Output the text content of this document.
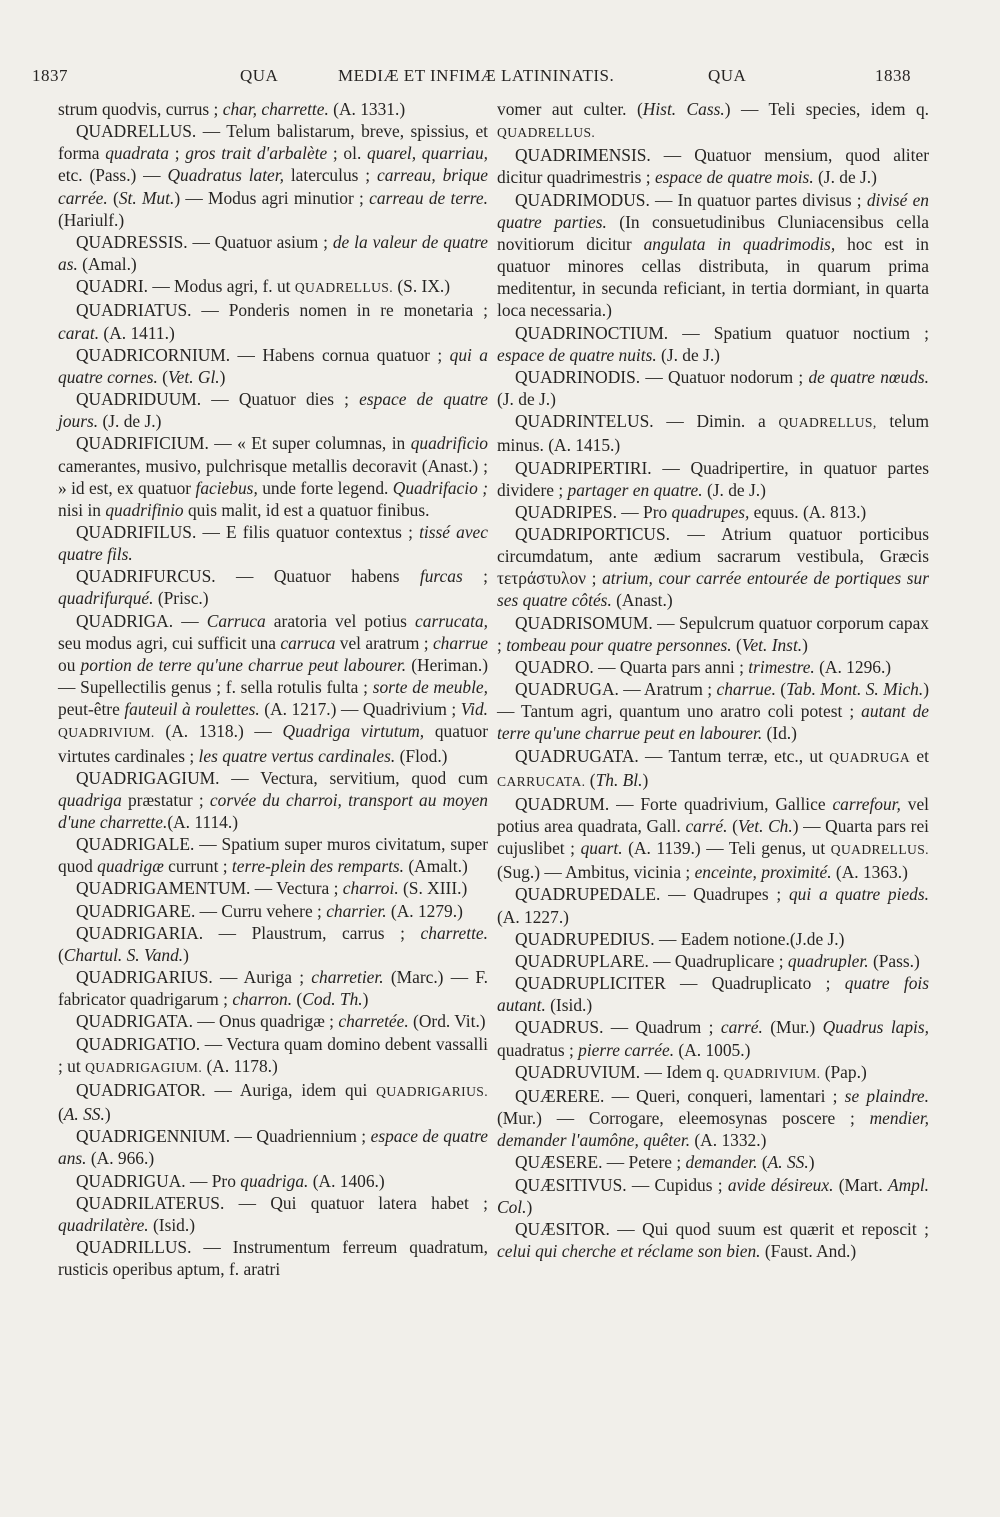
1837	QUA	MEDIÆ ET INFIMÆ LATININATIS.	QUA	1838

strum quodvis, currus ; char, charrette. (A. 1331.)

QUADRELLUS. — Telum balistarum, breve, spissius, et forma quadrata ; gros trait d'arbalète ; ol. quarel, quarriau, etc. (Pass.) — Quadratus later, laterculus ; carreau, brique carrée. (St. Mut.) — Modus agri minutior ; carreau de terre. (Hariulf.)

QUADRESSIS. — Quatuor asium ; de la valeur de quatre as. (Amal.)

QUADRI. — Modus agri, f. ut QUADRELLUS. (S. IX.)

QUADRIATUS. — Ponderis nomen in re monetaria ; carat. (A. 1411.)

QUADRICORNIUM. — Habens cornua quatuor ; qui a quatre cornes. (Vet. Gl.)

QUADRIDUUM. — Quatuor dies ; espace de quatre jours. (J. de J.)

QUADRIFICIUM. — « Et super columnas, in quadrificio camerantes, musivo, pulchrisque metallis decoravit (Anast.) ; » id est, ex quatuor faciebus, unde forte legend. Quadrifacio ; nisi in quadrifinio quis malit, id est a quatuor finibus.

QUADRIFILUS. — E filis quatuor contextus ; tissé avec quatre fils.

QUADRIFURCUS. — Quatuor habens furcas ; quadrifurqué. (Prisc.)

QUADRIGA. — Carruca aratoria vel potius carrucata, seu modus agri, cui sufficit una carruca vel aratrum ; charrue ou portion de terre qu'une charrue peut labourer. (Heriman.) — Supellectilis genus ; f. sella rotulis fulta ; sorte de meuble, peut-être fauteuil à roulettes. (A. 1217.) — Quadrivium ; Vid. QUADRIVIUM. (A. 1318.) — Quadriga virtutum, quatuor virtutes cardinales ; les quatre vertus cardinales. (Flod.)

QUADRIGAGIUM. — Vectura, servitium, quod cum quadriga præstatur ; corvée du charroi, transport au moyen d'une charrette.(A. 1114.)

QUADRIGALE. — Spatium super muros civitatum, super quod quadrigæ currunt ; terre-plein des remparts. (Amalt.)

QUADRIGAMENTUM. — Vectura ; charroi. (S. XIII.)

QUADRIGARE. — Curru vehere ; charrier. (A. 1279.)

QUADRIGARIA. — Plaustrum, carrus ; charrette. (Chartul. S. Vand.)

QUADRIGARIUS. — Auriga ; charretier. (Marc.) — F. fabricator quadrigarum ; charron. (Cod. Th.)

QUADRIGATA. — Onus quadrigæ ; charretée. (Ord. Vit.)

QUADRIGATIO. — Vectura quam domino debent vassalli ; ut QUADRIGAGIUM. (A. 1178.)

QUADRIGATOR. — Auriga, idem qui QUADRIGARIUS. (A. SS.)

QUADRIGENNIUM. — Quadriennium ; espace de quatre ans. (A. 966.)

QUADRIGUA. — Pro quadriga. (A. 1406.)

QUADRILATERUS. — Qui quatuor latera habet ; quadrilatère. (Isid.)

QUADRILLUS. — Instrumentum ferreum quadratum, rusticis operibus aptum, f. aratri

vomer aut culter. (Hist. Cass.) — Teli species, idem q. QUADRELLUS.

QUADRIMENSIS. — Quatuor mensium, quod aliter dicitur quadrimestris ; espace de quatre mois. (J. de J.)

QUADRIMODUS. — In quatuor partes divisus ; divisé en quatre parties. (In consuetudinibus Cluniacensibus cella novitiorum dicitur angulata in quadrimodis, hoc est in quatuor minores cellas distributa, in quarum prima meditentur, in secunda reficiant, in tertia dormiant, in quarta loca necessaria.)

QUADRINOCTIUM. — Spatium quatuor noctium ; espace de quatre nuits. (J. de J.)

QUADRINODIS. — Quatuor nodorum ; de quatre nœuds. (J. de J.)

QUADRINTELUS. — Dimin. a QUADRELLUS, telum minus. (A. 1415.)

QUADRIPERTIRI. — Quadripertire, in quatuor partes dividere ; partager en quatre. (J. de J.)

QUADRIPES. — Pro quadrupes, equus. (A. 813.)

QUADRIPORTICUS. — Atrium quatuor porticibus circumdatum, ante ædium sacrarum vestibula, Græcis τετράστυλον ; atrium, cour carrée entourée de portiques sur ses quatre côtés. (Anast.)

QUADRISOMUM. — Sepulcrum quatuor corporum capax ; tombeau pour quatre personnes. (Vet. Inst.)

QUADRO. — Quarta pars anni ; trimestre. (A. 1296.)

QUADRUGA. — Aratrum ; charrue. (Tab. Mont. S. Mich.) — Tantum agri, quantum uno aratro coli potest ; autant de terre qu'une charrue peut en labourer. (Id.)

QUADRUGATA. — Tantum terræ, etc., ut QUADRUGA et CARRUCATA. (Th. Bl.)

QUADRUM. — Forte quadrivium, Gallice carrefour, vel potius area quadrata, Gall. carré. (Vet. Ch.) — Quarta pars rei cujuslibet ; quart. (A. 1139.) — Teli genus, ut QUADRELLUS. (Sug.) — Ambitus, vicinia ; enceinte, proximité. (A. 1363.)

QUADRUPEDALE. — Quadrupes ; qui a quatre pieds. (A. 1227.)

QUADRUPEDIUS. — Eadem notione.(J.de J.)

QUADRUPLARE. — Quadruplicare ; quadrupler. (Pass.)

QUADRUPLICITER — Quadruplicato ; quatre fois autant. (Isid.)

QUADRUS. — Quadrum ; carré. (Mur.) Quadrus lapis, quadratus ; pierre carrée. (A. 1005.)

QUADRUVIUM. — Idem q. QUADRIVIUM. (Pap.)

QUÆRERE. — Queri, conqueri, lamentari ; se plaindre. (Mur.) — Corrogare, eleemosynas poscere ; mendier, demander l'aumône, quêter. (A. 1332.)

QUÆSERE. — Petere ; demander. (A. SS.)

QUÆSITIVUS. — Cupidus ; avide désireux. (Mart. Ampl. Col.)

QUÆSITOR. — Qui quod suum est quærit et reposcit ; celui qui cherche et réclame son bien. (Faust. And.)
